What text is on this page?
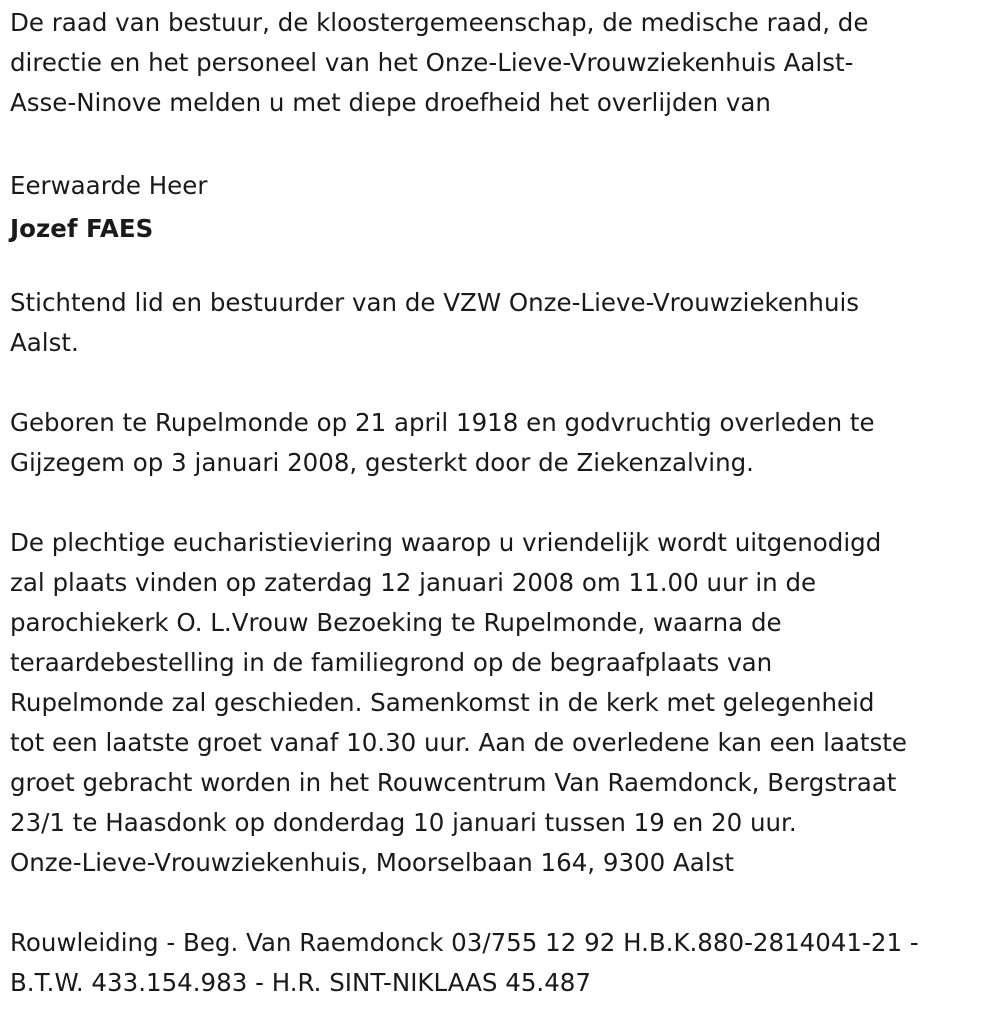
De raad van bestuur, de kloostergemeenschap, de medische raad, de
directie en het personeel van het Onze-Lieve-Vrouwziekenhuis Aalst-
Asse-Ninove melden u met diepe droefheid het overlijden van

Eerwaarde Heer

Jozef FAES

Stichtend lid en bestuurder van de VZW Onze-Lieve-Vrouwziekenhuis
Aalst.

Geboren te Rupelmonde op 21 april 1918 en godvruchtig overleden te
Gijzegem op 3 januari 2008, gesterkt door de Ziekenzalving.

De plechtige eucharistieviering waarop u vriendelijk wordt uitgenodigd
zal plaats vinden op zaterdag 12 januari 2008 om 11.00 uur in de
parochiekerk O. L.Vrouw Bezoeking te Rupelmonde, waarna de
teraardebestelling in de familiegrond op de begraafplaats van
Rupelmonde zal geschieden. Samenkomst in de kerk met gelegenheid
tot een laatste groet vanaf 10.30 uur. Aan de overledene kan een laatste
groet gebracht worden in het Rouwcentrum Van Raemdonck, Bergstraat
23/1 te Haasdonk op donderdag 10 januari tussen 19 en 20 uur.
Onze-Lieve-Vrouwziekenhuis, Moorselbaan 164, 9300 Aalst

Rouwleiding - Beg. Van Raemdonck 03/755 12 92 H.B.K.880-2814041-21 -
B.T.W. 433.154.983 - H.R. SINT-NIKLAAS 45.487
